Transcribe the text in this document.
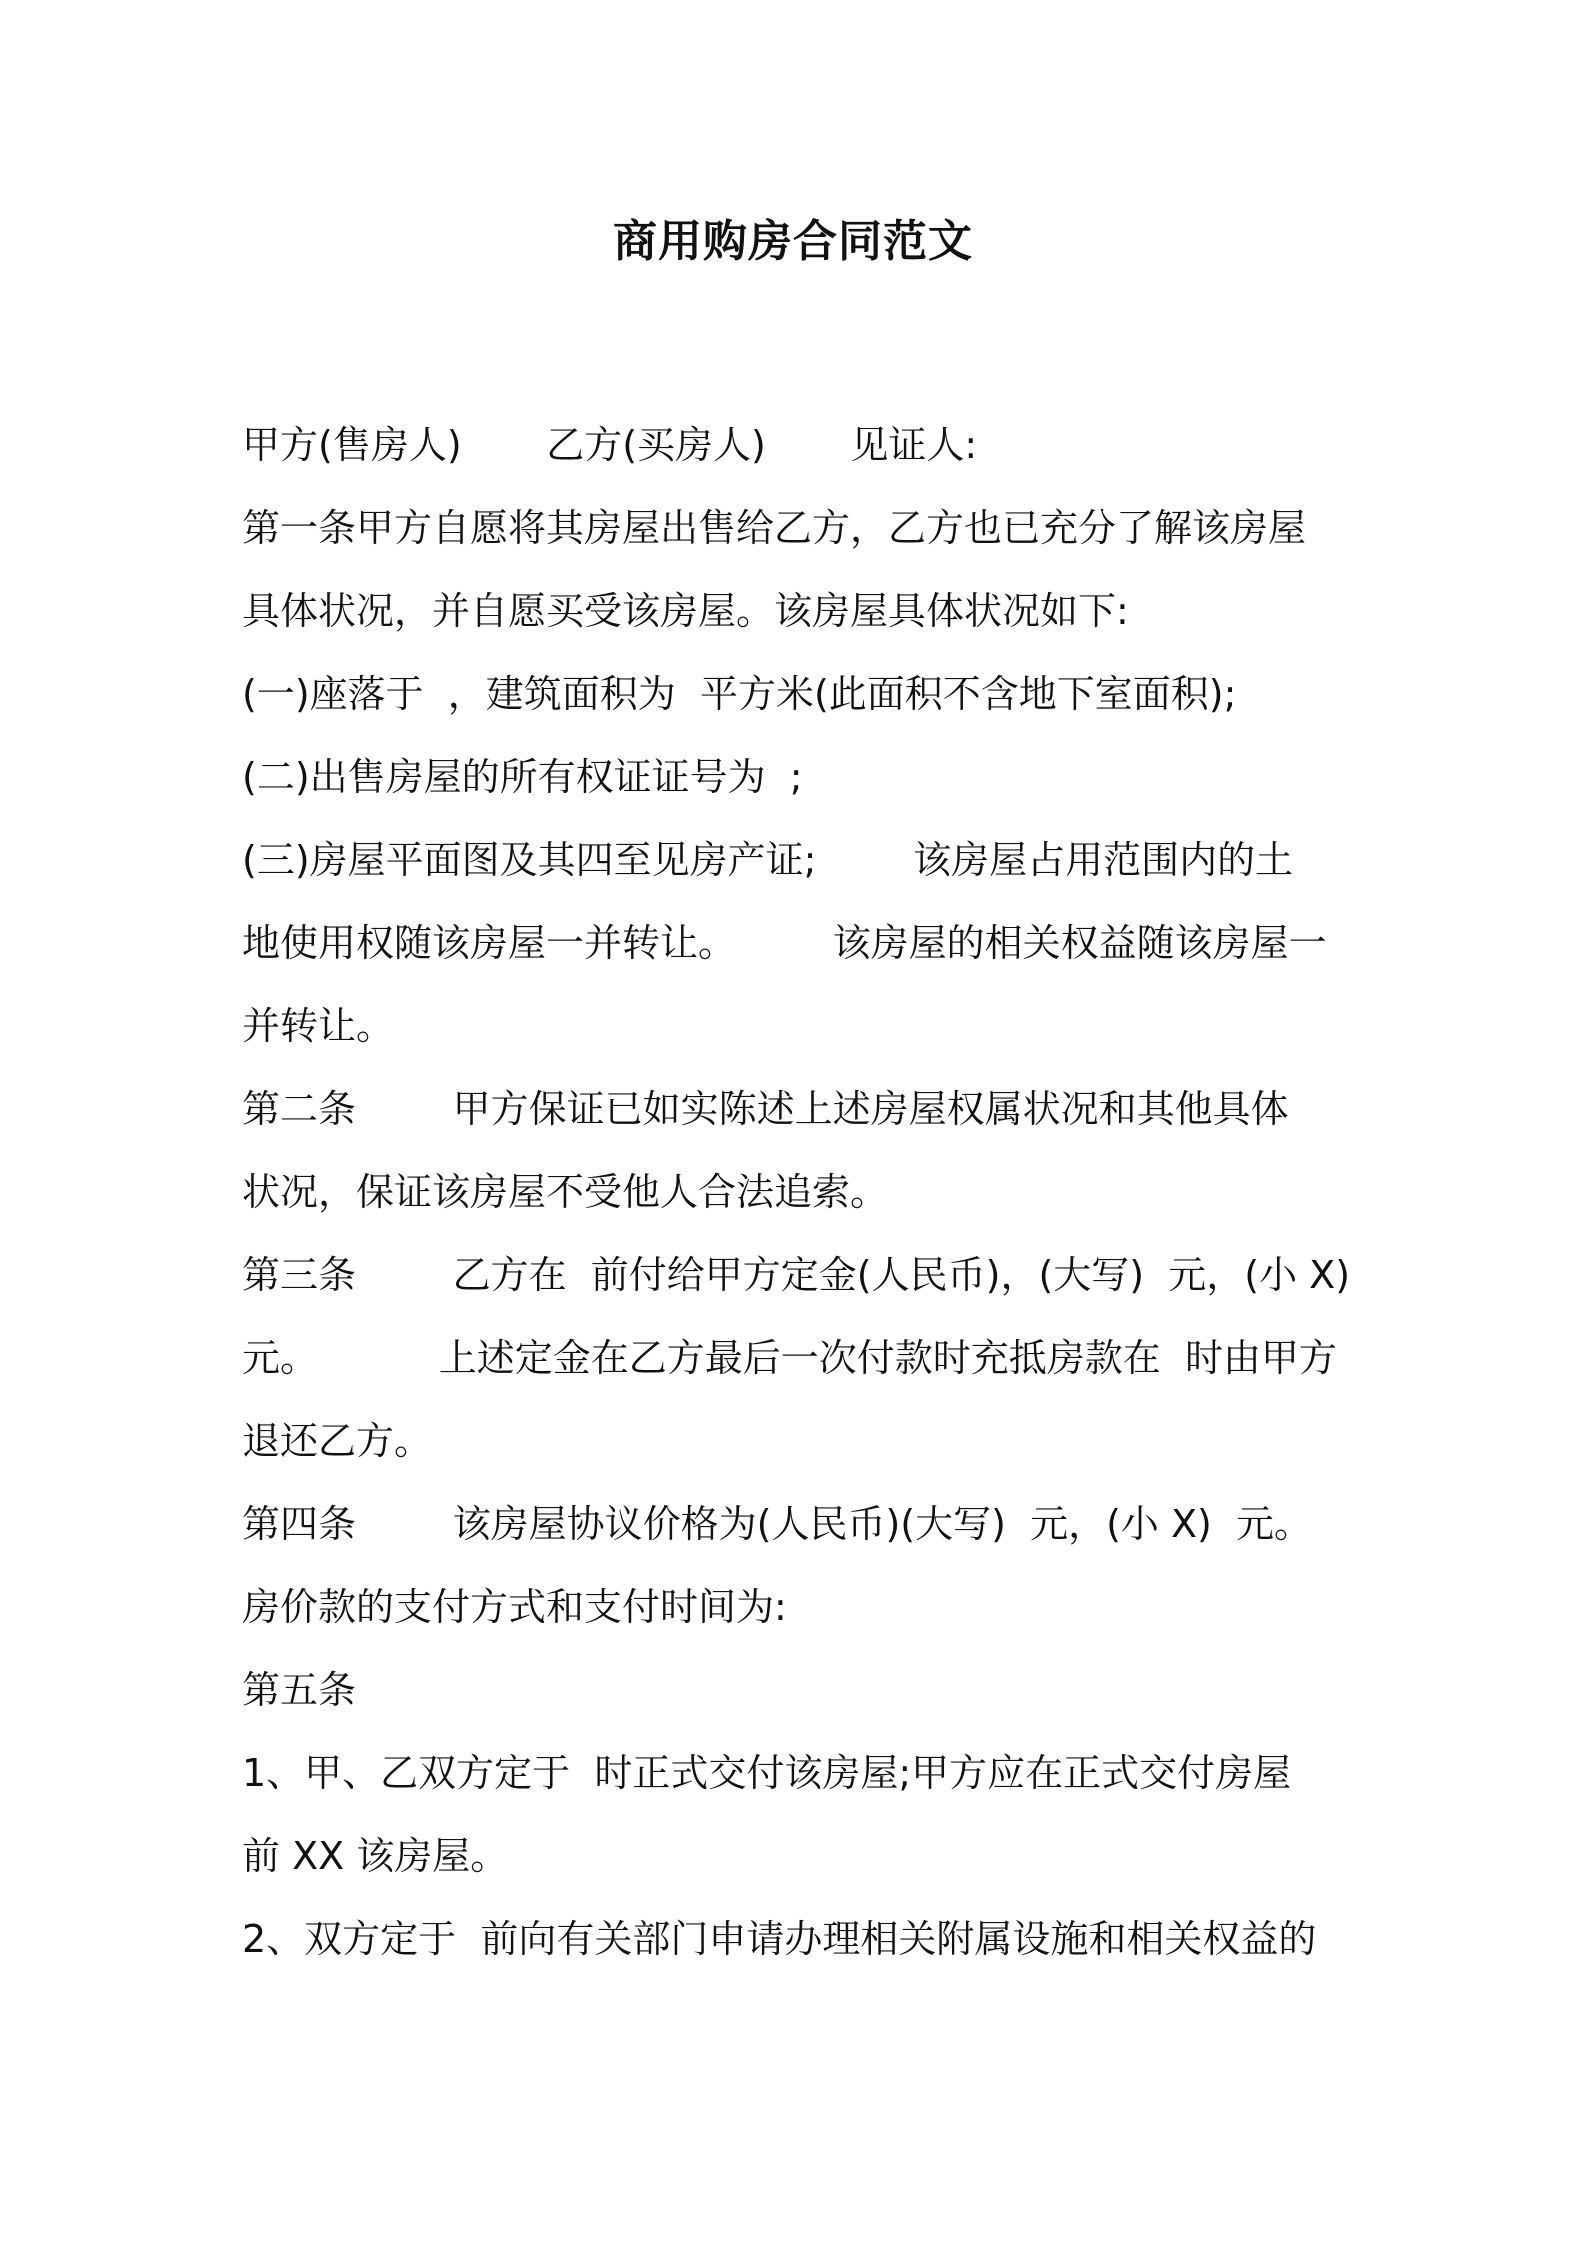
商用购房合同范文
甲方(售房人)       乙方(买房人)       见证人:
第一条甲方自愿将其房屋出售给乙方，乙方也已充分了解该房屋
具体状况，并自愿买受该房屋。该房屋具体状况如下:
(一)座落于  ，建筑面积为  平方米(此面积不含地下室面积);
(二)出售房屋的所有权证证号为  ;
(三)房屋平面图及其四至见房产证;        该房屋占用范围内的土
地使用权随该房屋一并转让。        该房屋的相关权益随该房屋一
并转让。
第二条        甲方保证已如实陈述上述房屋权属状况和其他具体
状况，保证该房屋不受他人合法追索。
第三条        乙方在  前付给甲方定金(人民币)，(大写)  元，(小 X)
元。          上述定金在乙方最后一次付款时充抵房款在  时由甲方
退还乙方。
第四条        该房屋协议价格为(人民币)(大写)  元，(小 X)  元。
房价款的支付方式和支付时间为:
第五条
1、甲、乙双方定于  时正式交付该房屋;甲方应在正式交付房屋
前 XX 该房屋。
2、双方定于  前向有关部门申请办理相关附属设施和相关权益的
